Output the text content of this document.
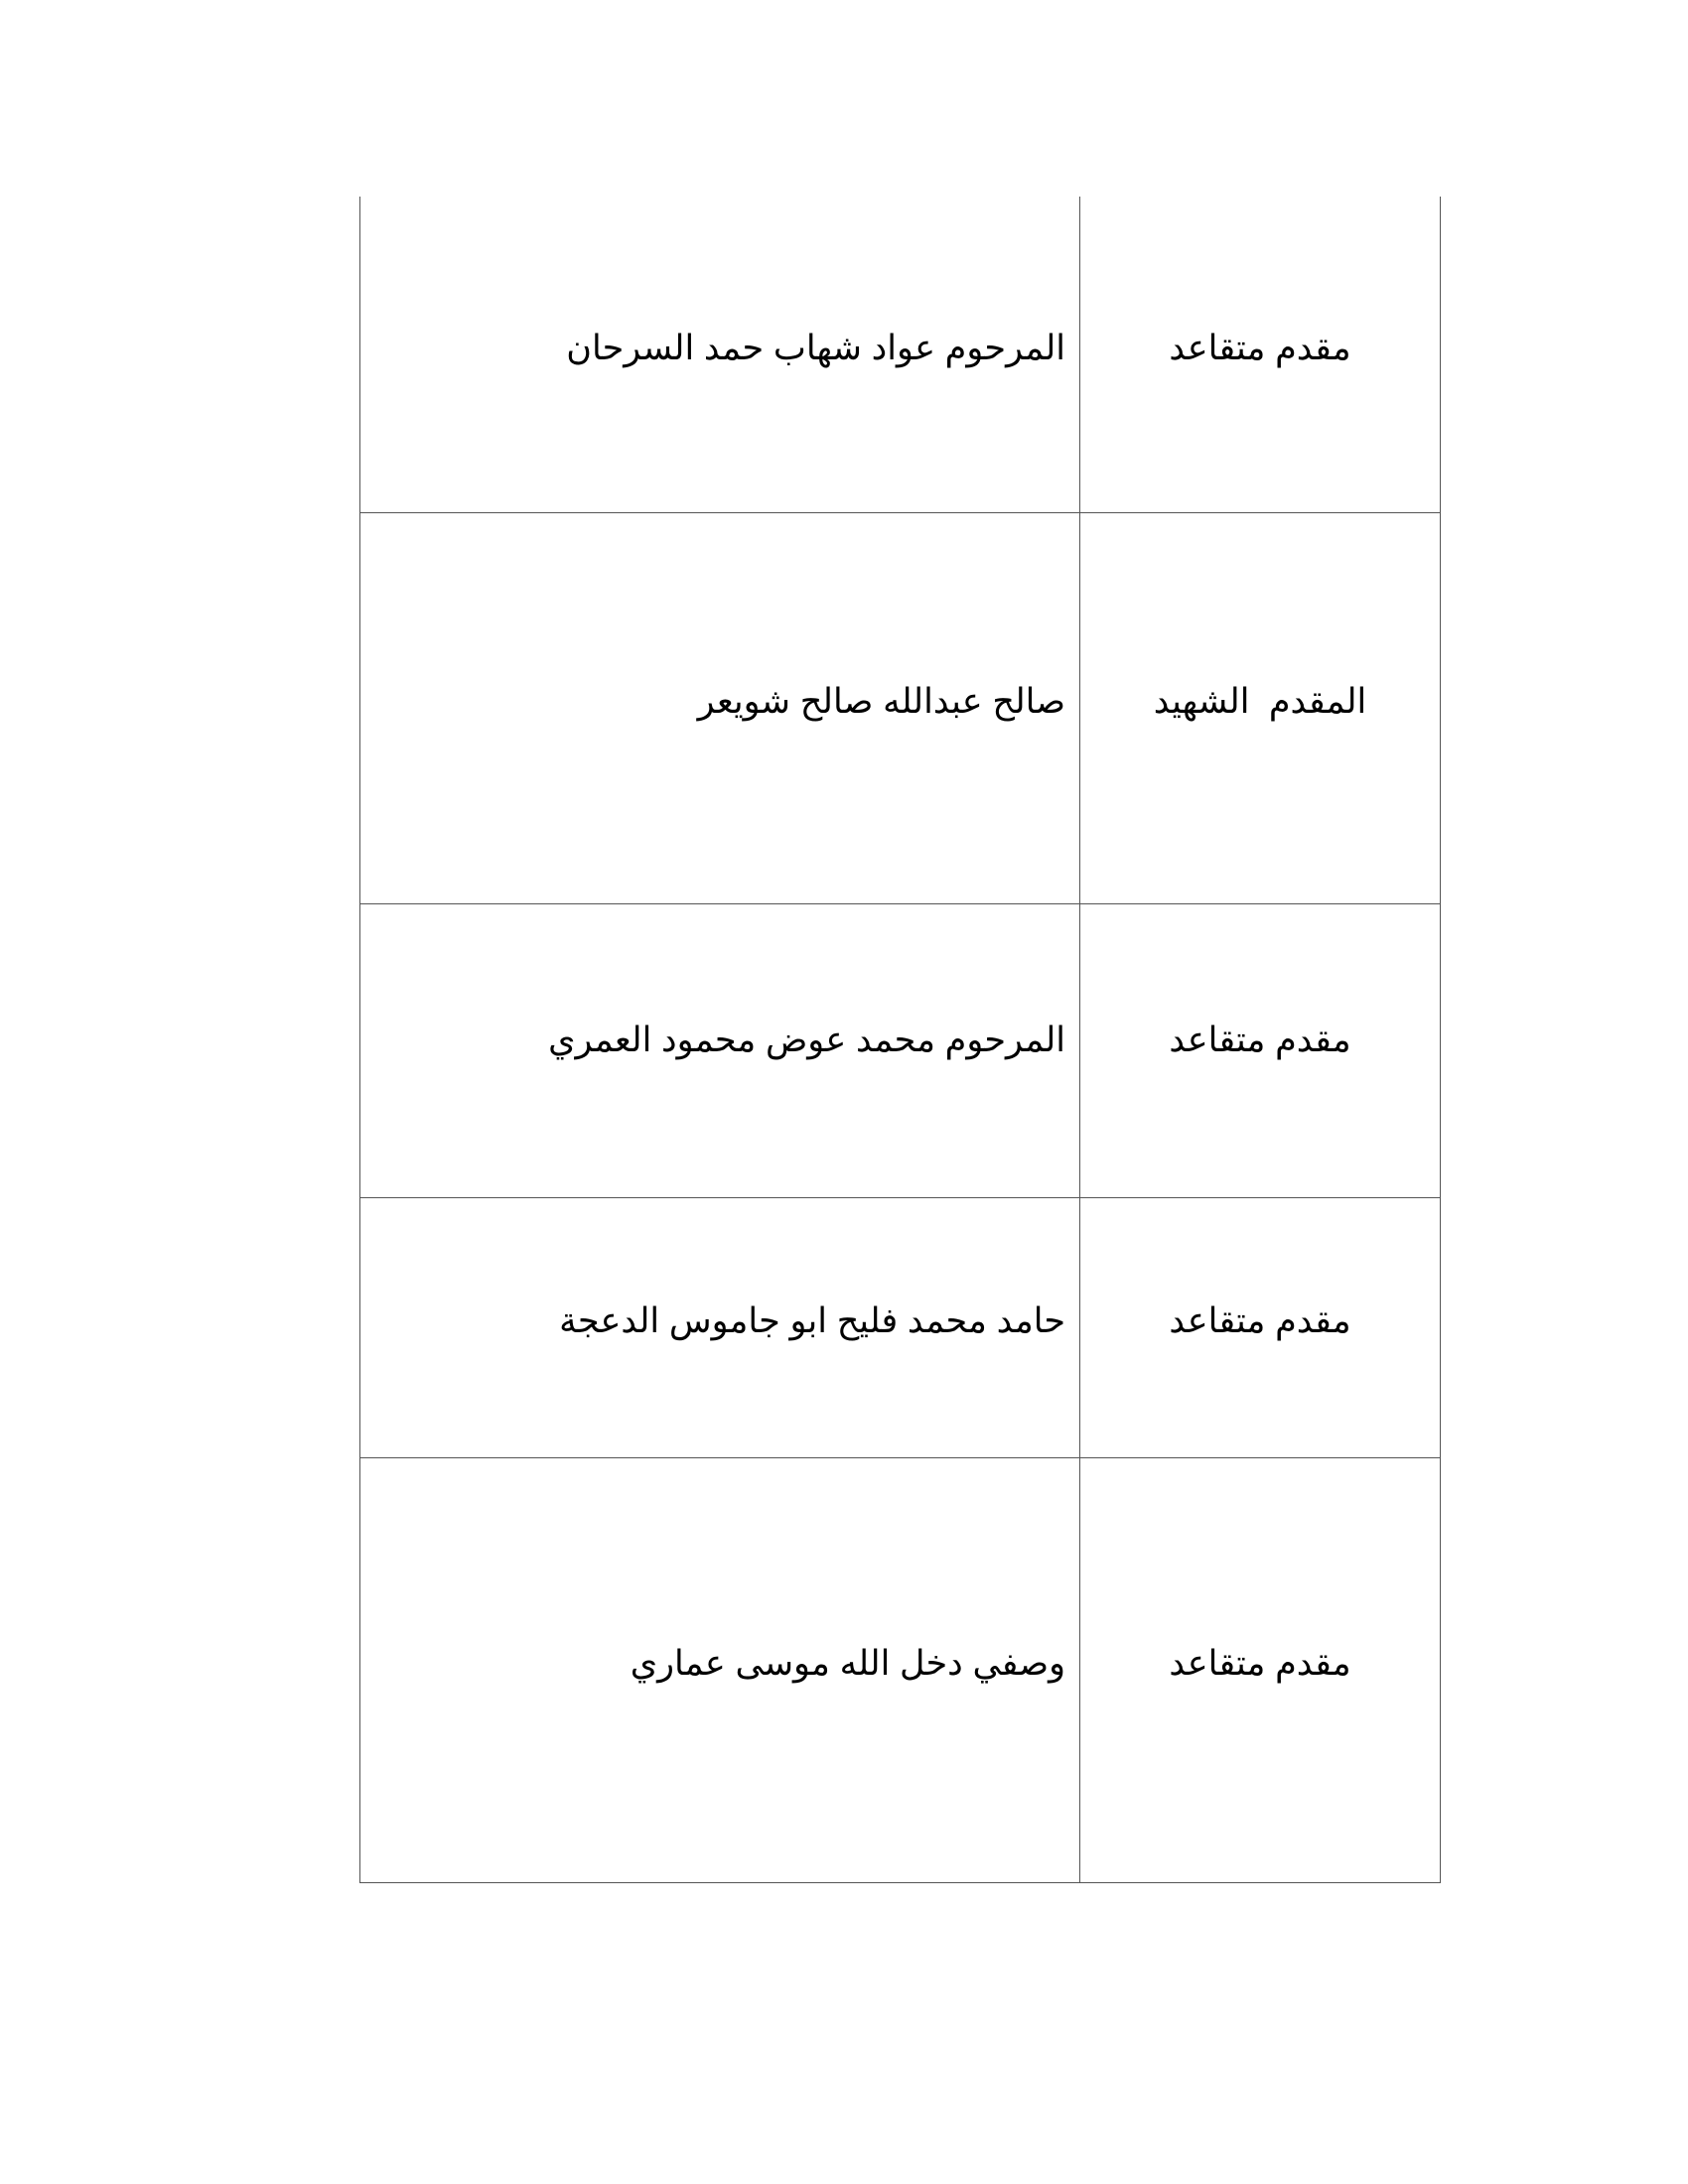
مقدم متقاعد	المرحوم عواد شهاب حمد السرحان
المقدم  الشهيد	صالح عبدالله صالح شويعر
مقدم متقاعد	المرحوم محمد عوض محمود العمري
مقدم متقاعد	حامد محمد فليح ابو جاموس الدعجة
مقدم متقاعد	وصفي دخل الله موسى عماري
